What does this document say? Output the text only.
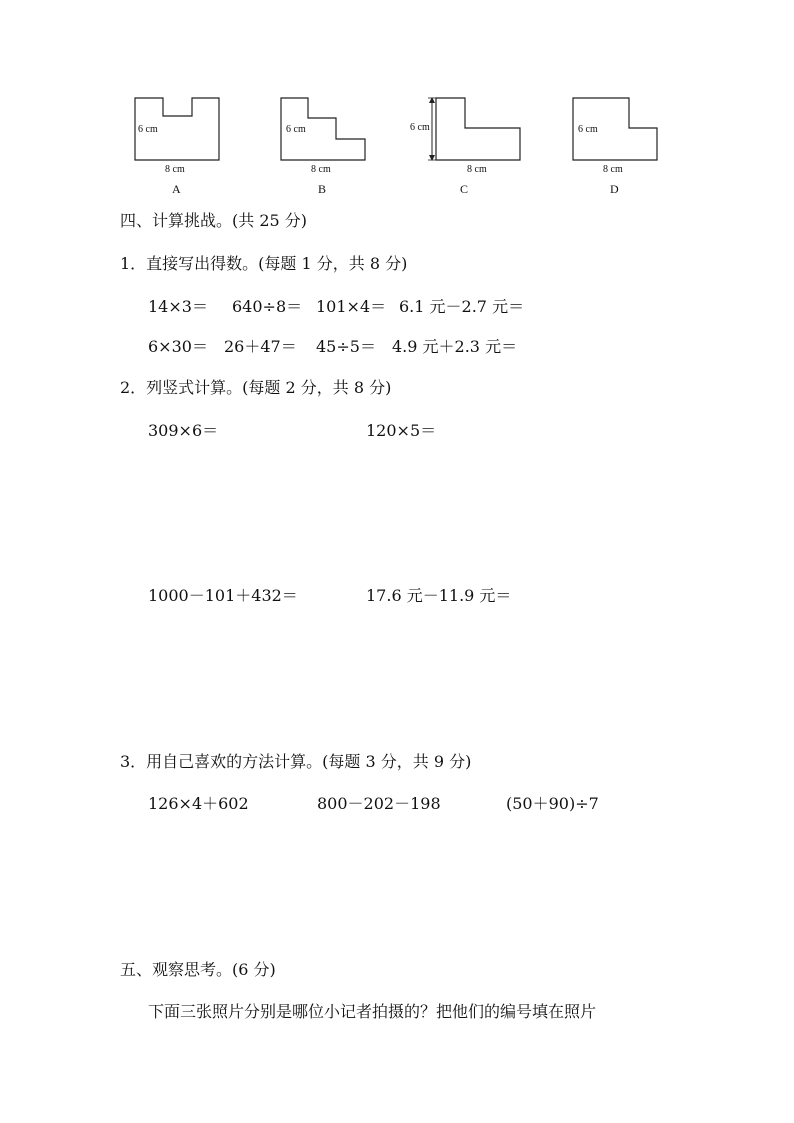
6 cm
8 cm
A
6 cm
8 cm
B
6 cm
8 cm
C
6 cm
8 cm
D
四、计算挑战。(共 25 分)
1．直接写出得数。(每题 1 分，共 8 分)
14×3＝ 640÷8＝ 101×4＝ 6.1 元－2.7 元＝
6×30＝ 26＋47＝ 45÷5＝ 4.9 元＋2.3 元＝
2．列竖式计算。(每题 2 分，共 8 分)
309×6＝	120×5＝
1000－101＋432＝	17.6 元－11.9 元＝
3．用自己喜欢的方法计算。(每题 3 分，共 9 分)
126×4＋602	800－202－198	(50＋90)÷7
五、观察思考。(6 分)
下面三张照片分别是哪位小记者拍摄的？把他们的编号填在照片
